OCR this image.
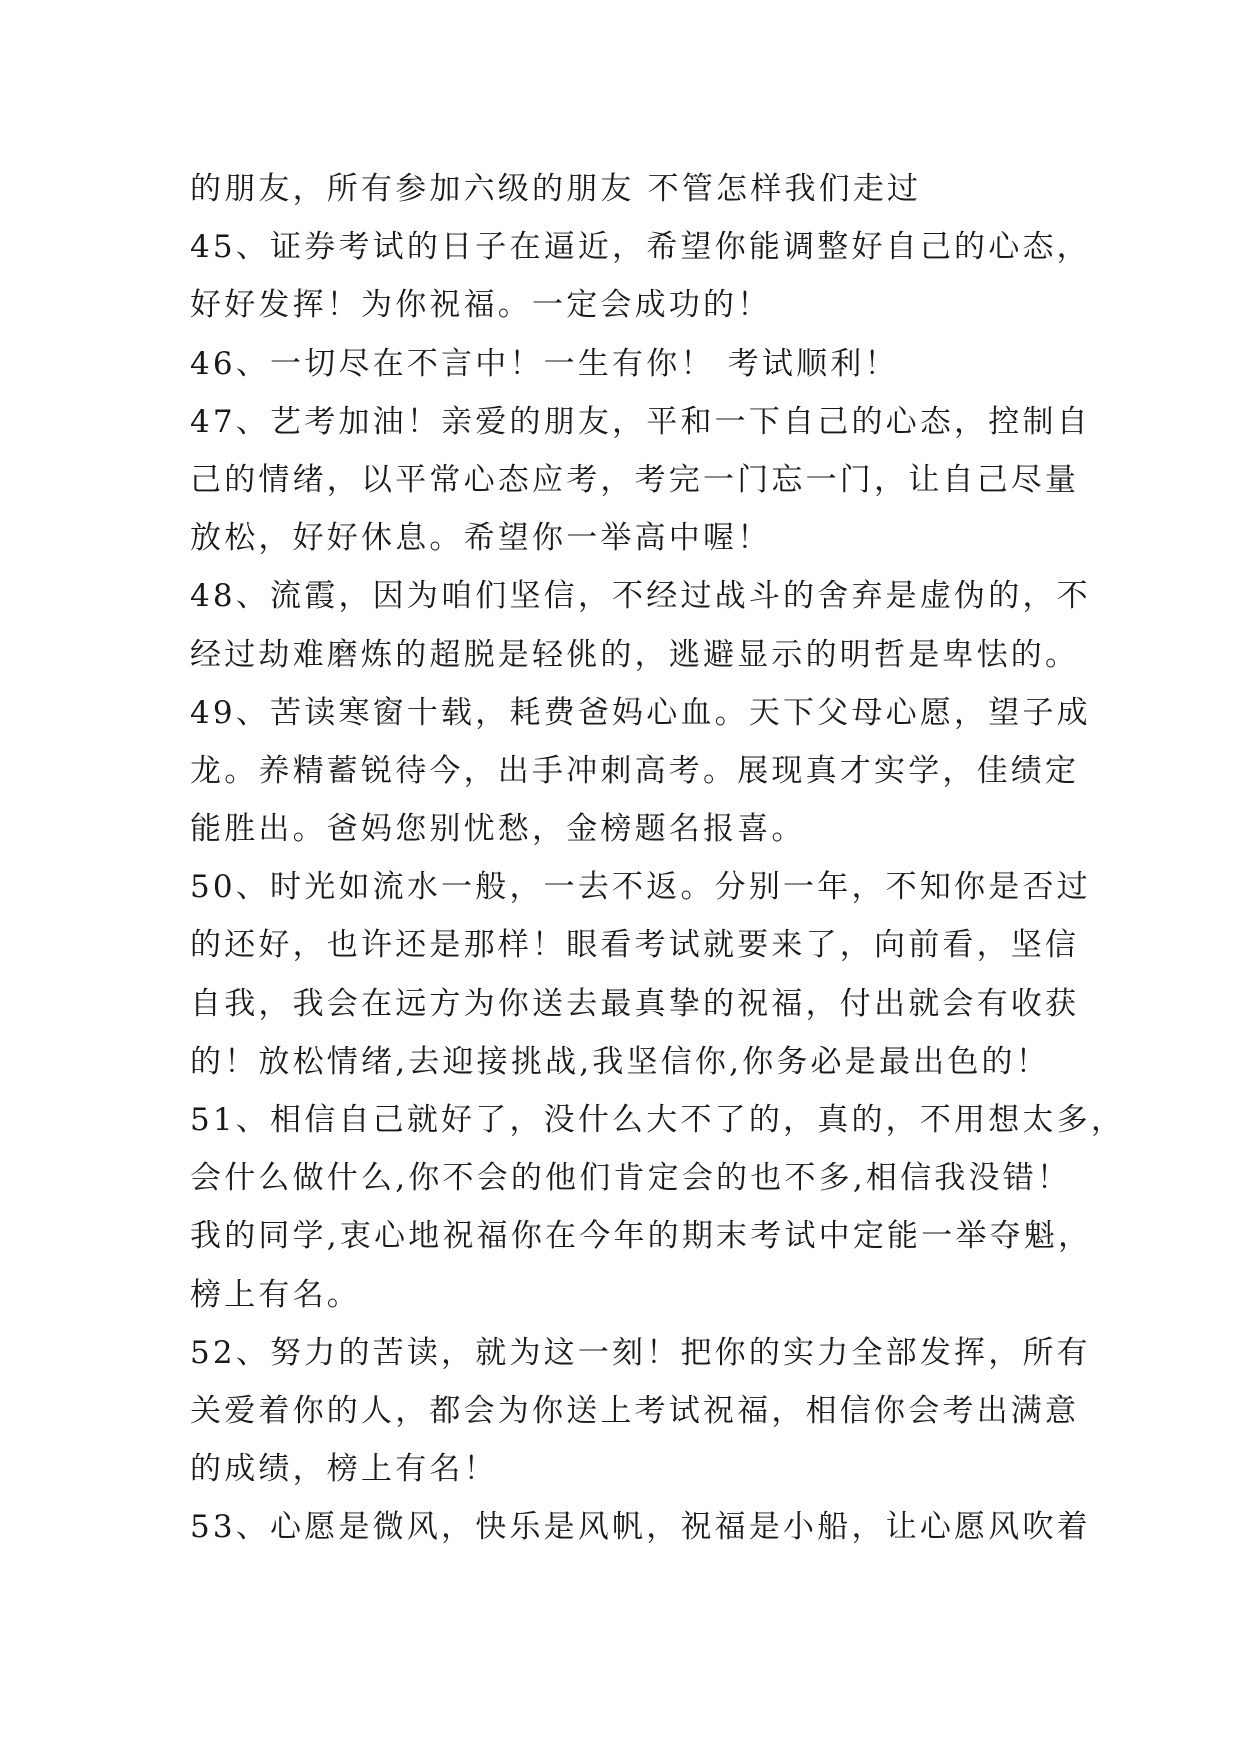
的朋友，所有参加六级的朋友 不管怎样我们走过
45、证券考试的日子在逼近，希望你能调整好自己的心态，
好好发挥！为你祝福。一定会成功的！
46、一切尽在不言中！一生有你！ 考试顺利！
47、艺考加油！亲爱的朋友，平和一下自己的心态，控制自
己的情绪，以平常心态应考，考完一门忘一门，让自己尽量
放松，好好休息。希望你一举高中喔！
48、流霞，因为咱们坚信，不经过战斗的舍弃是虚伪的，不
经过劫难磨炼的超脱是轻佻的，逃避显示的明哲是卑怯的。
49、苦读寒窗十载，耗费爸妈心血。天下父母心愿，望子成
龙。养精蓄锐待今，出手冲刺高考。展现真才实学，佳绩定
能胜出。爸妈您别忧愁，金榜题名报喜。
50、时光如流水一般，一去不返。分别一年，不知你是否过
的还好，也许还是那样！眼看考试就要来了，向前看，坚信
自我，我会在远方为你送去最真挚的祝福，付出就会有收获
的！放松情绪,去迎接挑战,我坚信你,你务必是最出色的！
51、相信自己就好了，没什么大不了的，真的，不用想太多，
会什么做什么,你不会的他们肯定会的也不多,相信我没错！
我的同学,衷心地祝福你在今年的期末考试中定能一举夺魁，
榜上有名。
52、努力的苦读，就为这一刻！把你的实力全部发挥，所有
关爱着你的人，都会为你送上考试祝福，相信你会考出满意
的成绩，榜上有名！
53、心愿是微风，快乐是风帆，祝福是小船，让心愿风吹着
